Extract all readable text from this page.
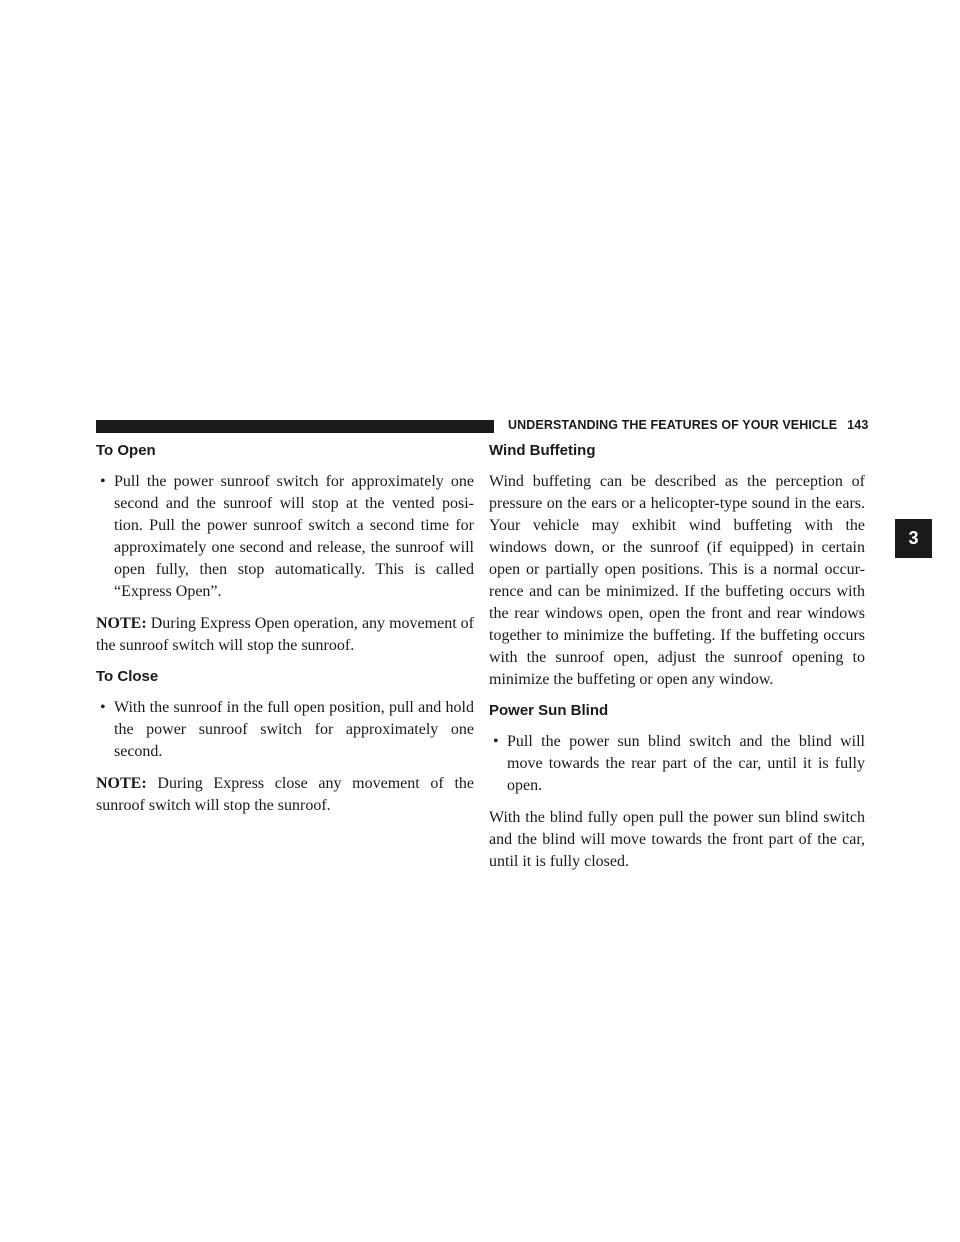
UNDERSTANDING THE FEATURES OF YOUR VEHICLE 143
3
To Open
• Pull the power sunroof switch for approximately one second and the sunroof will stop at the vented posi- tion. Pull the power sunroof switch a second time for approximately one second and release, the sunroof will open fully, then stop automatically. This is called “Express Open”.

NOTE: During Express Open operation, any movement of the sunroof switch will stop the sunroof.

To Close
• With the sunroof in the full open position, pull and hold the power sunroof switch for approximately one second.

NOTE: During Express close any movement of the sunroof switch will stop the sunroof.

Wind Buffeting

Wind buffeting can be described as the perception of pressure on the ears or a helicopter-type sound in the ears. Your vehicle may exhibit wind buffeting with the windows down, or the sunroof (if equipped) in certain open or partially open positions. This is a normal occur- rence and can be minimized. If the buffeting occurs with the rear windows open, open the front and rear windows together to minimize the buffeting. If the buffeting occurs with the sunroof open, adjust the sunroof opening to minimize the buffeting or open any window.

Power Sun Blind
• Pull the power sun blind switch and the blind will move towards the rear part of the car, until it is fully open.

With the blind fully open pull the power sun blind switch and the blind will move towards the front part of the car, until it is fully closed.
